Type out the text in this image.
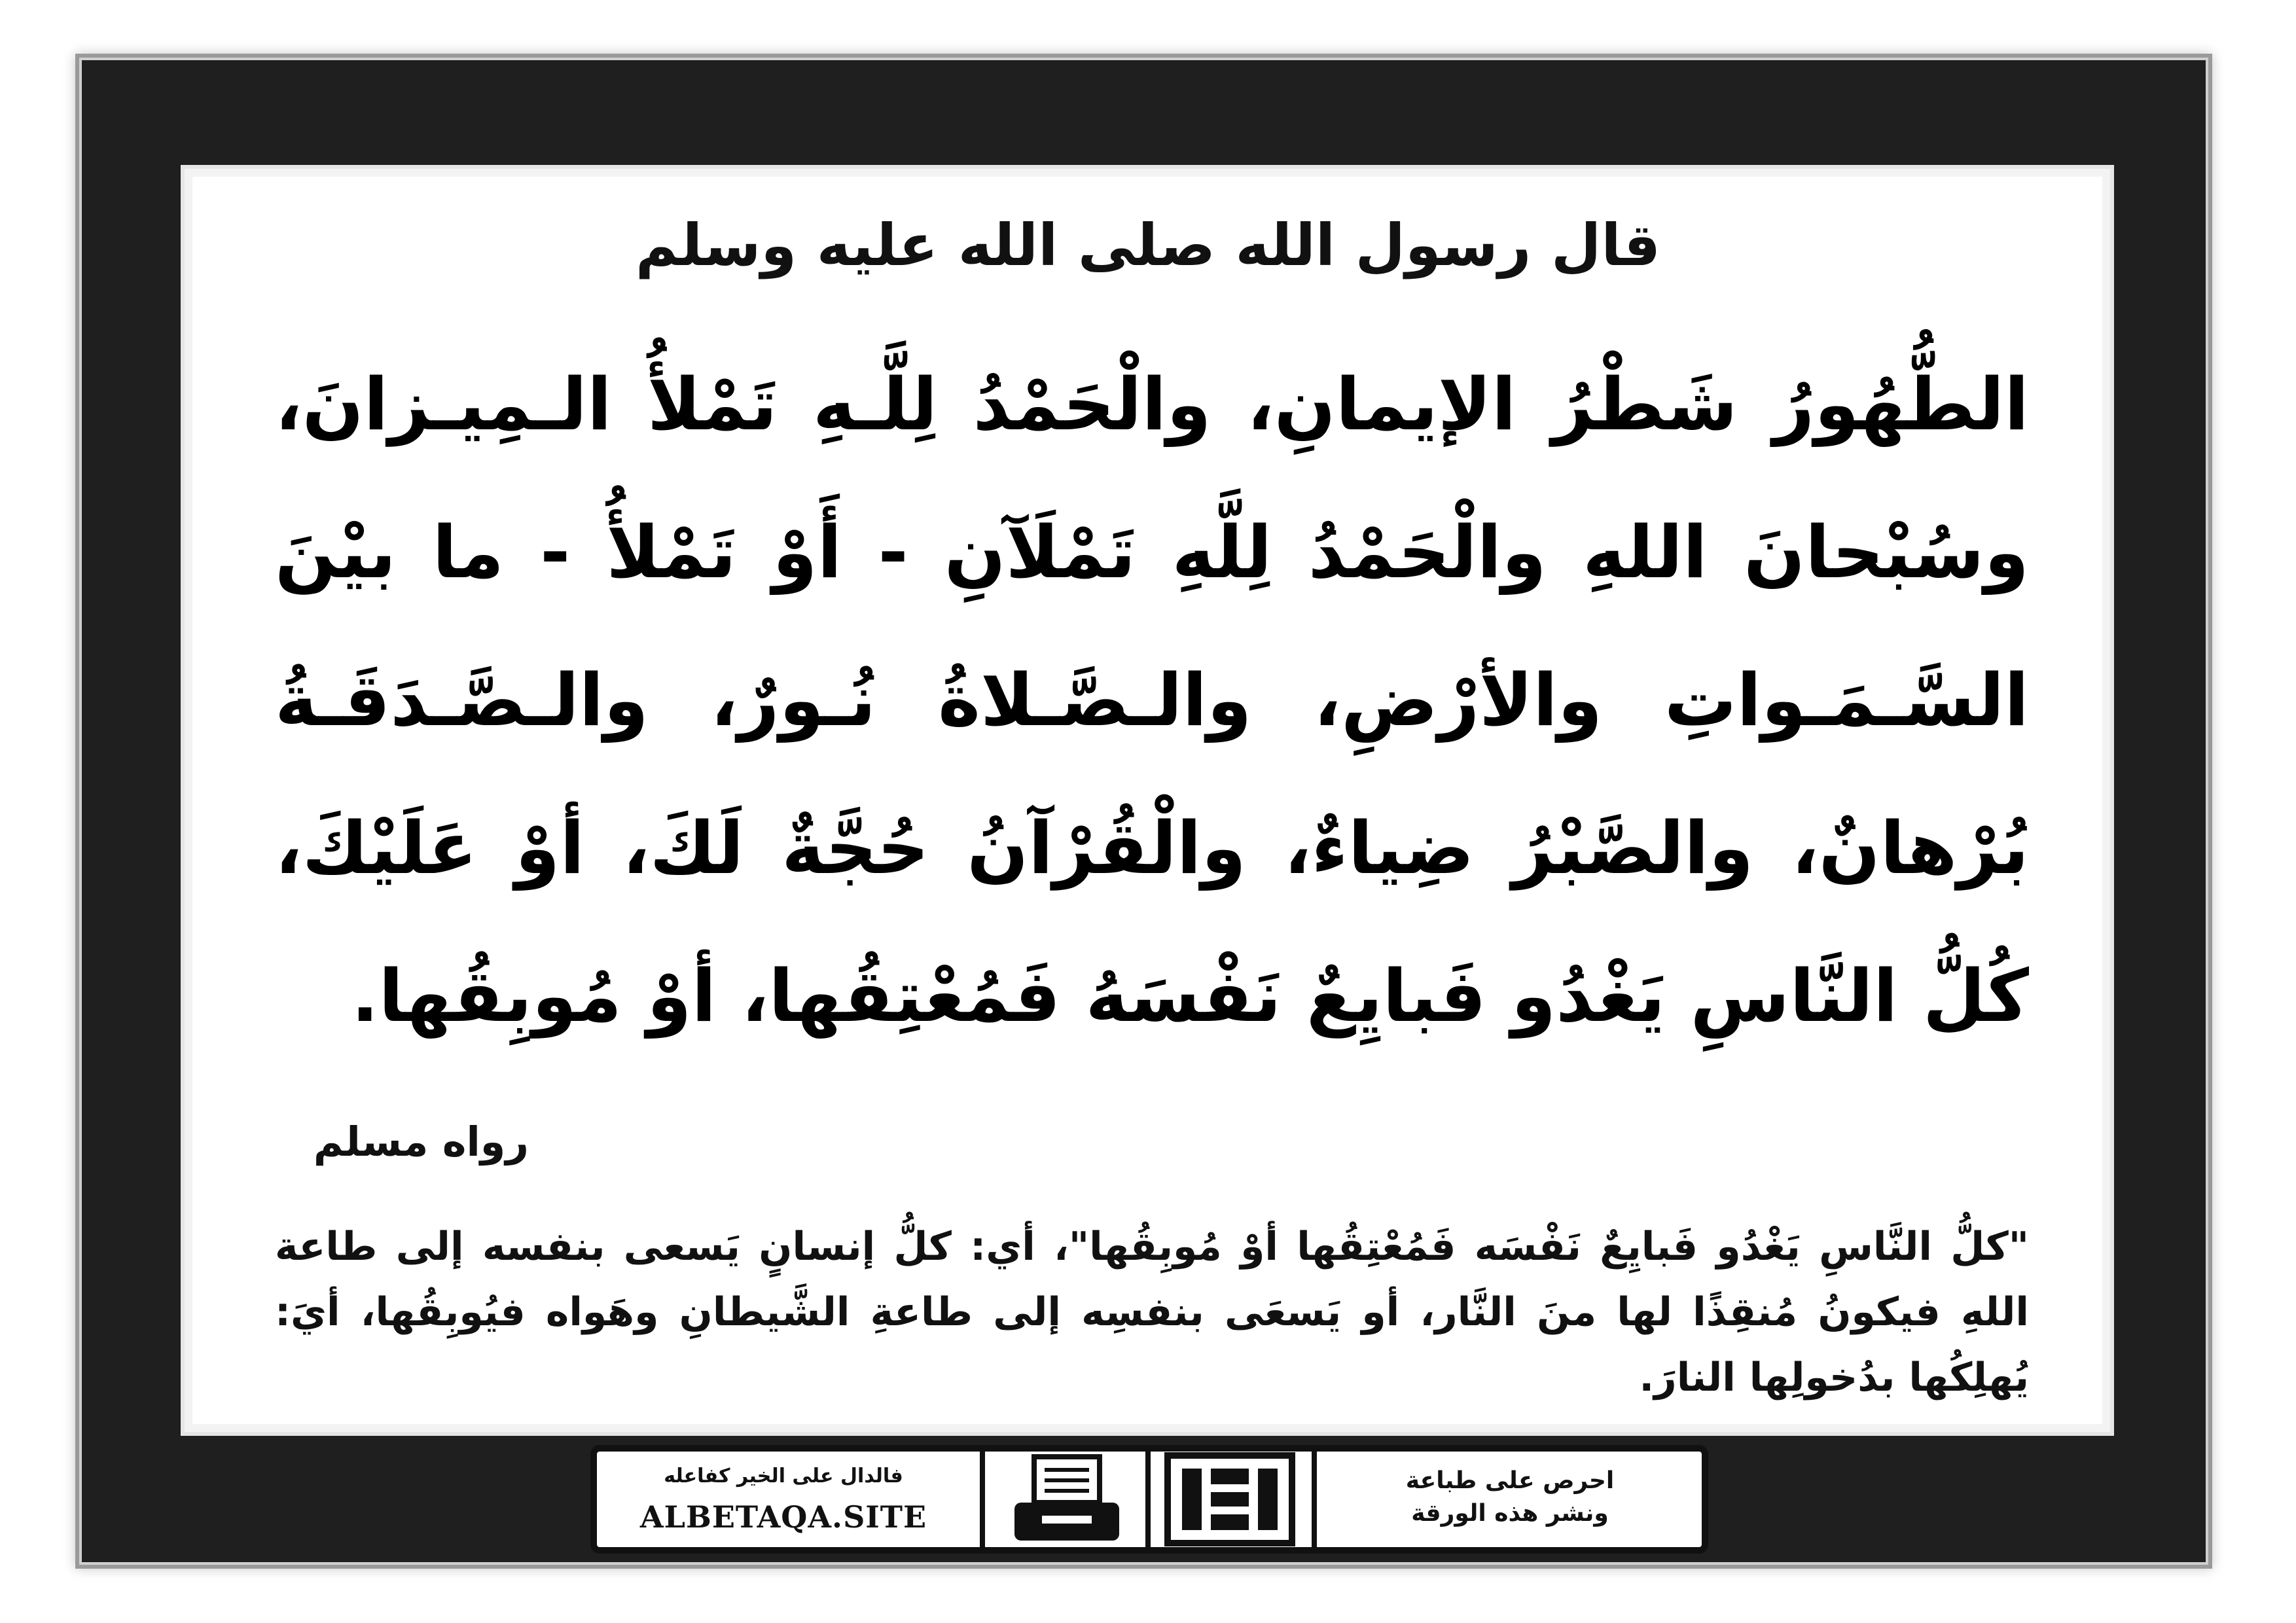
قال رسول الله صلى الله عليه وسلم

الطُّهُورُ شَطْرُ الإيمانِ، والْحَمْدُ لِلَّـهِ تَمْلأُ الـمِيـزانَ، وسُبْحانَ اللهِ والْحَمْدُ لِلَّهِ تَمْلَآنِ - أَوْ تَمْلأُ - ما بيْنَ السَّـمَـواتِ والأرْضِ، والـصَّـلاةُ نُـورٌ، والـصَّـدَقَـةُ بُرْهانٌ، والصَّبْرُ ضِياءٌ، والْقُرْآنُ حُجَّةٌ لَكَ، أوْ عَلَيْكَ، كُلُّ النَّاسِ يَغْدُو فَبايِعٌ نَفْسَهُ فَمُعْتِقُها، أوْ مُوبِقُها.

رواه مسلم

"كلُّ النَّاسِ يَغْدُو فَبايِعٌ نَفْسَه فَمُعْتِقُها أوْ مُوبِقُها"، أي: كلُّ إنسانٍ يَسعى بنفسه إلى طاعة اللهِ فيكونُ مُنقِذًا لها منَ النَّار، أو يَسعَى بنفسِه إلى طاعةِ الشَّيطانِ وهَواه فيُوبِقُها، أيَ: يُهلِكُها بدُخولِها النارَ.

فالدال على الخير كفاعله
ALBETAQA.SITE
احرص على طباعة
ونشر هذه الورقة
